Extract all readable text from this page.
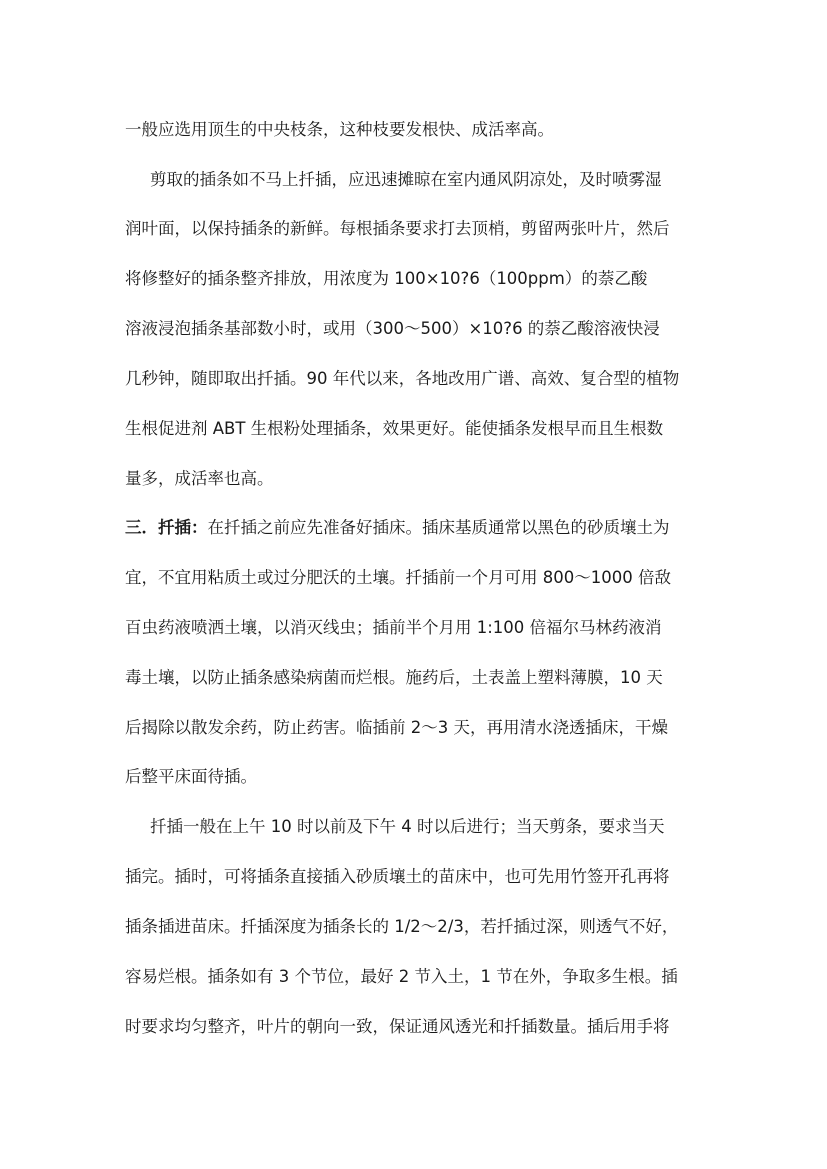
一般应选用顶生的中央枝条，这种枝要发根快、成活率高。
剪取的插条如不马上扦插，应迅速摊晾在室内通风阴凉处，及时喷雾湿
润叶面，以保持插条的新鲜。每根插条要求打去顶梢，剪留两张叶片，然后
将修整好的插条整齐排放，用浓度为 100×10?6（100ppm）的萘乙酸
溶液浸泡插条基部数小时，或用（300～500）×10?6 的萘乙酸溶液快浸
几秒钟，随即取出扦插。90 年代以来，各地改用广谱、高效、复合型的植物
生根促进剂 ABT 生根粉处理插条，效果更好。能使插条发根早而且生根数
量多，成活率也高。
三．扦插：在扦插之前应先准备好插床。插床基质通常以黑色的砂质壤土为
宜，不宜用粘质土或过分肥沃的土壤。扦插前一个月可用 800～1000 倍敌
百虫药液喷洒土壤，以消灭线虫；插前半个月用 1:100 倍福尔马林药液消
毒土壤，以防止插条感染病菌而烂根。施药后，土表盖上塑料薄膜，10 天
后揭除以散发余药，防止药害。临插前 2～3 天，再用清水浇透插床，干燥
后整平床面待插。
扦插一般在上午 10 时以前及下午 4 时以后进行；当天剪条，要求当天
插完。插时，可将插条直接插入砂质壤土的苗床中，也可先用竹签开孔再将
插条插进苗床。扦插深度为插条长的 1/2～2/3，若扦插过深，则透气不好，
容易烂根。插条如有 3 个节位，最好 2 节入土，1 节在外，争取多生根。插
时要求均匀整齐，叶片的朝向一致，保证通风透光和扦插数量。插后用手将
